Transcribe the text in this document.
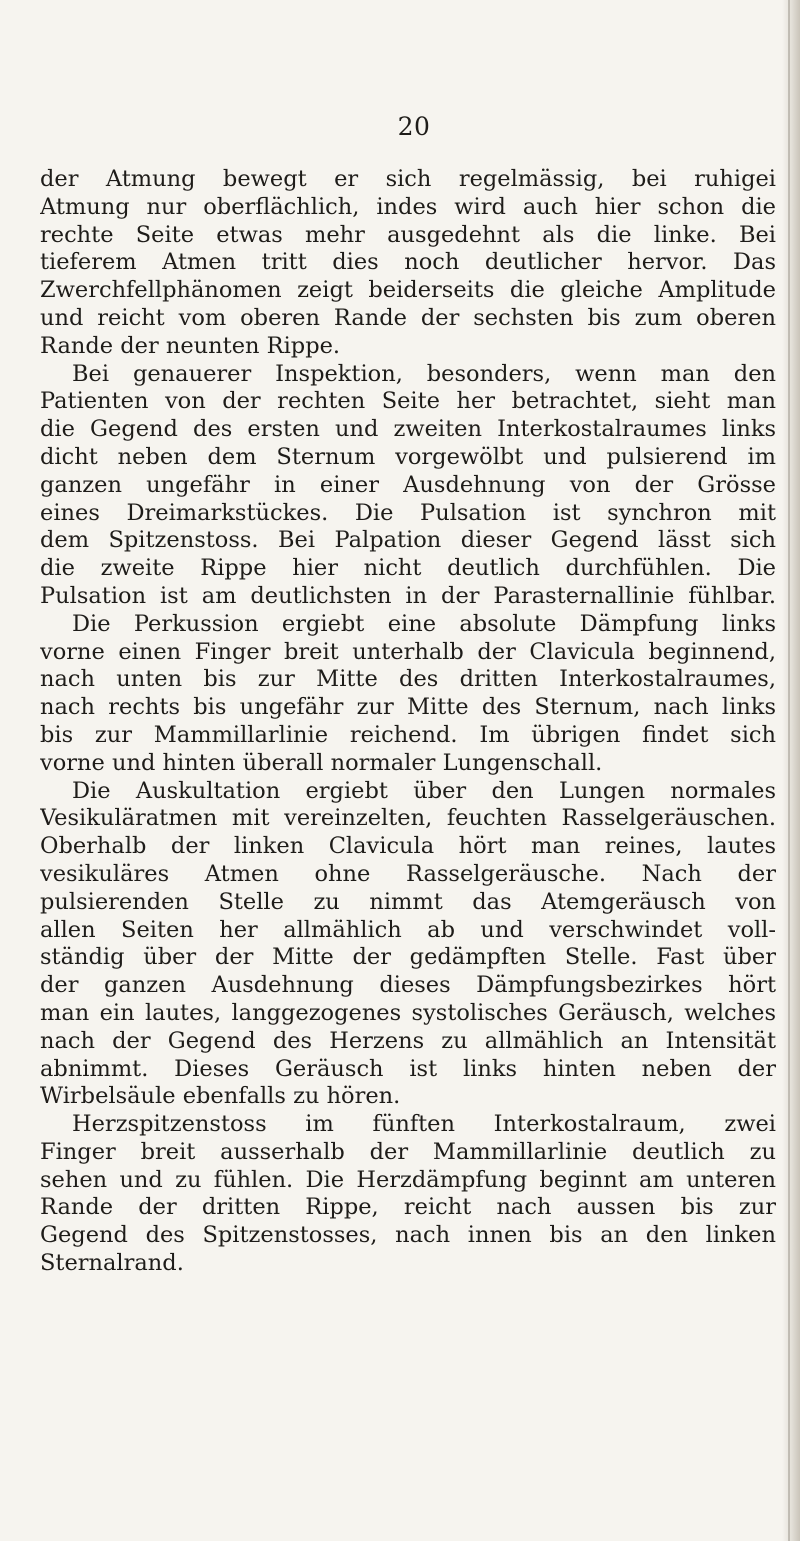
20
der Atmung bewegt er sich regelmässig, bei ruhigei
Atmung nur oberflächlich, indes wird auch hier schon die
rechte Seite etwas mehr ausgedehnt als die linke. Bei
tieferem Atmen tritt dies noch deutlicher hervor. Das
Zwerchfellphänomen zeigt beiderseits die gleiche Amplitude
und reicht vom oberen Rande der sechsten bis zum oberen
Rande der neunten Rippe.
Bei genauerer Inspektion, besonders, wenn man den
Patienten von der rechten Seite her betrachtet, sieht man
die Gegend des ersten und zweiten Interkostalraumes links
dicht neben dem Sternum vorgewölbt und pulsierend im
ganzen ungefähr in einer Ausdehnung von der Grösse
eines Dreimarkstückes. Die Pulsation ist synchron mit
dem Spitzenstoss. Bei Palpation dieser Gegend lässt sich
die zweite Rippe hier nicht deutlich durchfühlen. Die
Pulsation ist am deutlichsten in der Parasternallinie fühlbar.
Die Perkussion ergiebt eine absolute Dämpfung links
vorne einen Finger breit unterhalb der Clavicula beginnend,
nach unten bis zur Mitte des dritten Interkostalraumes,
nach rechts bis ungefähr zur Mitte des Sternum, nach links
bis zur Mammillarlinie reichend. Im übrigen findet sich
vorne und hinten überall normaler Lungenschall.
Die Auskultation ergiebt über den Lungen normales
Vesikuläratmen mit vereinzelten, feuchten Rasselgeräuschen.
Oberhalb der linken Clavicula hört man reines, lautes
vesikuläres Atmen ohne Rasselgeräusche. Nach der
pulsierenden Stelle zu nimmt das Atemgeräusch von
allen Seiten her allmählich ab und verschwindet voll-
ständig über der Mitte der gedämpften Stelle. Fast über
der ganzen Ausdehnung dieses Dämpfungsbezirkes hört
man ein lautes, langgezogenes systolisches Geräusch, welches
nach der Gegend des Herzens zu allmählich an Intensität
abnimmt. Dieses Geräusch ist links hinten neben der
Wirbelsäule ebenfalls zu hören.
Herzspitzenstoss im fünften Interkostalraum, zwei
Finger breit ausserhalb der Mammillarlinie deutlich zu
sehen und zu fühlen. Die Herzdämpfung beginnt am unteren
Rande der dritten Rippe, reicht nach aussen bis zur
Gegend des Spitzenstosses, nach innen bis an den linken
Sternalrand.
